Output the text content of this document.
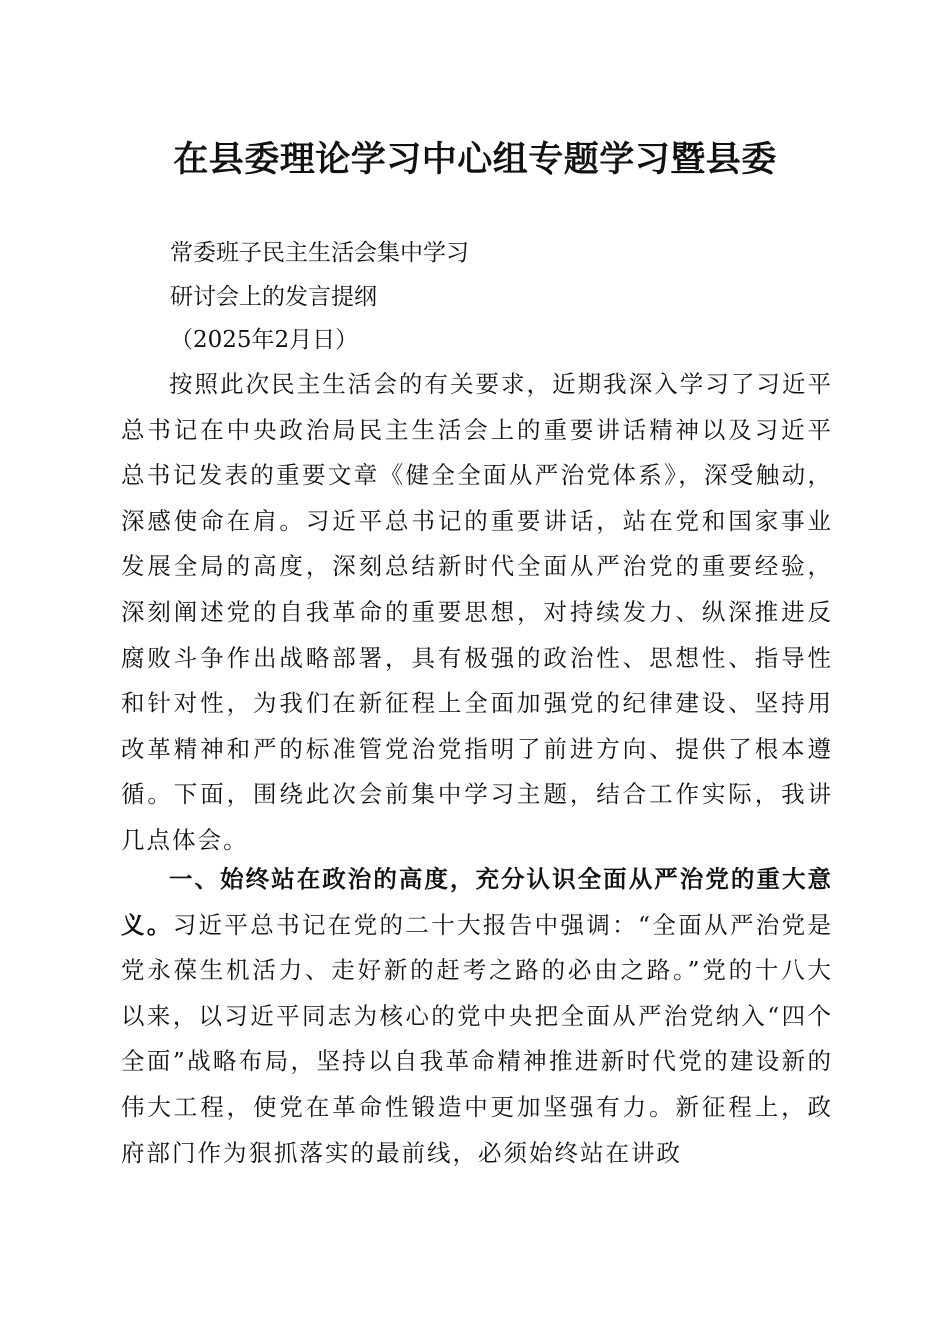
在县委理论学习中心组专题学习暨县委

常委班子民主生活会集中学习

研讨会上的发言提纲

（2025年2月日）

按照此次民主生活会的有关要求，近期我深入学习了习近平总书记在中央政治局民主生活会上的重要讲话精神以及习近平总书记发表的重要文章《健全全面从严治党体系》，深受触动，深感使命在肩。习近平总书记的重要讲话，站在党和国家事业发展全局的高度，深刻总结新时代全面从严治党的重要经验，深刻阐述党的自我革命的重要思想，对持续发力、纵深推进反腐败斗争作出战略部署，具有极强的政治性、思想性、指导性和针对性，为我们在新征程上全面加强党的纪律建设、坚持用改革精神和严的标准管党治党指明了前进方向、提供了根本遵循。下面，围绕此次会前集中学习主题，结合工作实际，我讲几点体会。

一、始终站在政治的高度，充分认识全面从严治党的重大意义。习近平总书记在党的二十大报告中强调：“全面从严治党是党永葆生机活力、走好新的赶考之路的必由之路。”党的十八大以来，以习近平同志为核心的党中央把全面从严治党纳入“四个全面”战略布局，坚持以自我革命精神推进新时代党的建设新的伟大工程，使党在革命性锻造中更加坚强有力。新征程上，政府部门作为狠抓落实的最前线，必须始终站在讲政
